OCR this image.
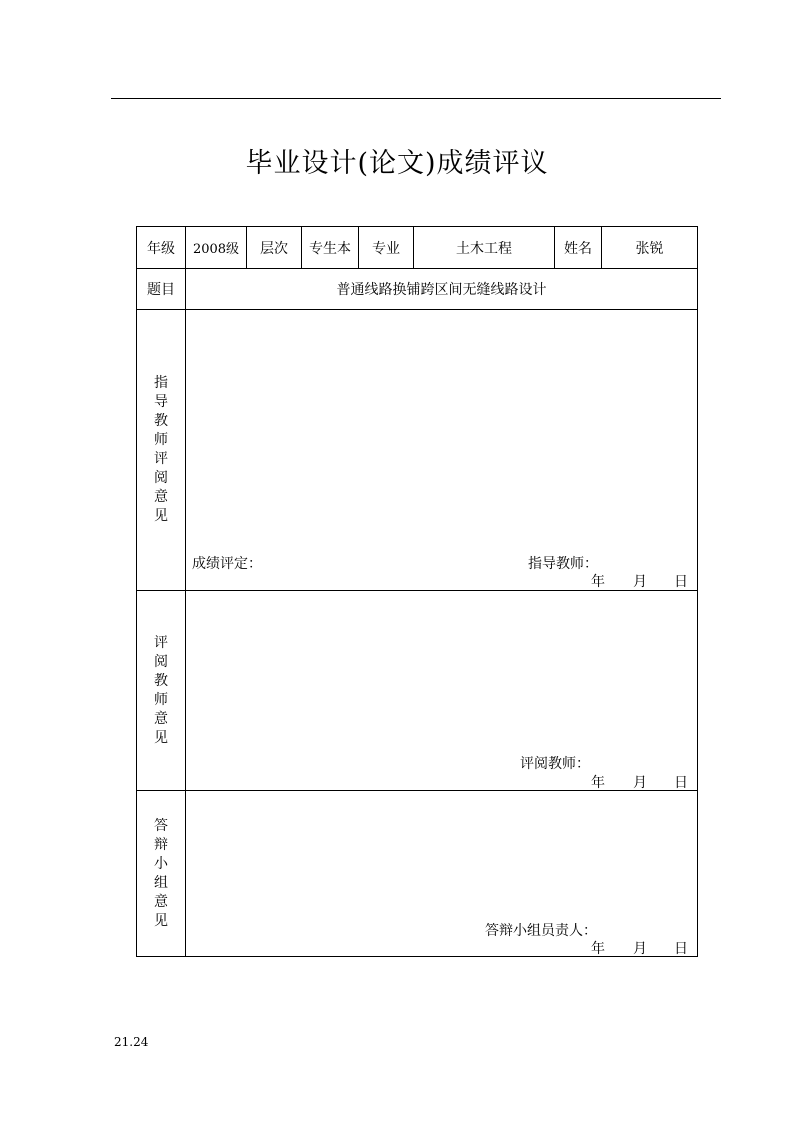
毕业设计(论文)成绩评议
年级	2008级	层次	专生本	专业	土木工程	姓名	张锐
题目	普通线路换铺跨区间无缝线路设计						
指导教师评阅意见	成绩评定： 指导教师：
年 月 日						

评阅教师意见	评阅教师：
年 月 日						

答辩小组意见	答辩小组员责人：
年 月 日						
21.24
